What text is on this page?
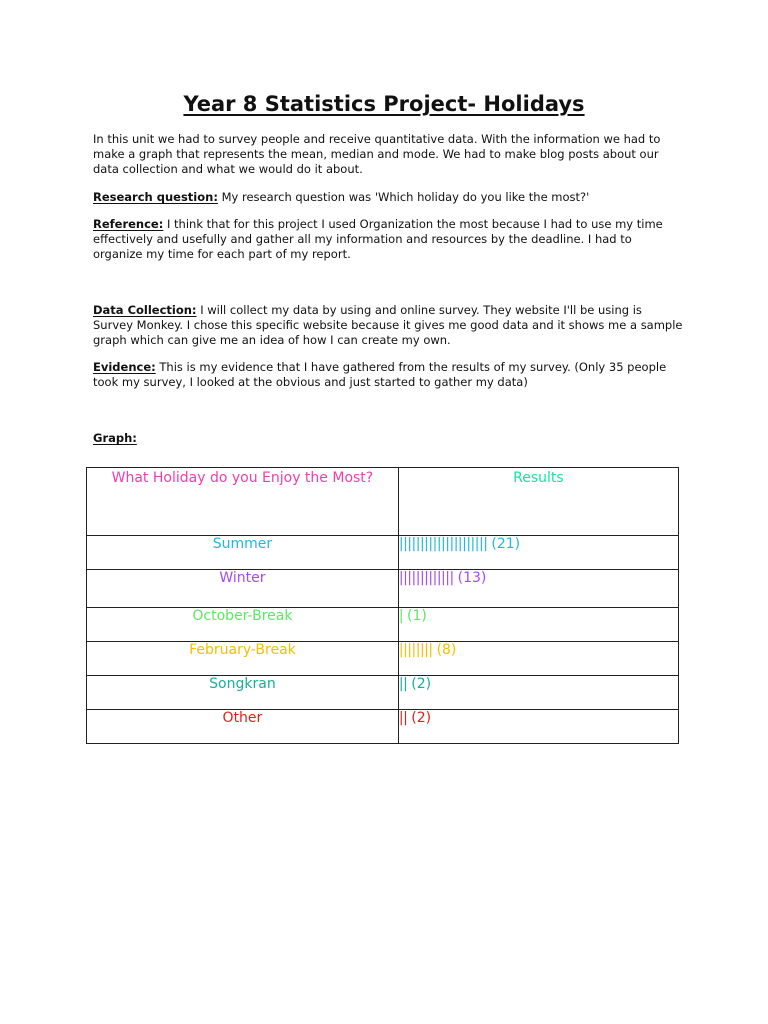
Year 8 Statistics Project- Holidays

In this unit we had to survey people and receive quantitative data. With the information we had to make a graph that represents the mean, median and mode. We had to make blog posts about our data collection and what we would do it about.

Research question: My research question was 'Which holiday do you like the most?'

Reference: I think that for this project I used Organization the most because I had to use my time effectively and usefully and gather all my information and resources by the deadline. I had to organize my time for each part of my report.

Data Collection: I will collect my data by using and online survey. They website I'll be using is Survey Monkey. I chose this specific website because it gives me good data and it shows me a sample graph which can give me an idea of how I can create my own.

Evidence: This is my evidence that I have gathered from the results of my survey. (Only 35 people took my survey, I looked at the obvious and just started to gather my data)

Graph:
What Holiday do you Enjoy the Most?	Results
Summer	||||||||||||||||||||| (21)
Winter	||||||||||||| (13)
October-Break	| (1)
February-Break	|||||||| (8)
Songkran	|| (2)
Other	|| (2)
